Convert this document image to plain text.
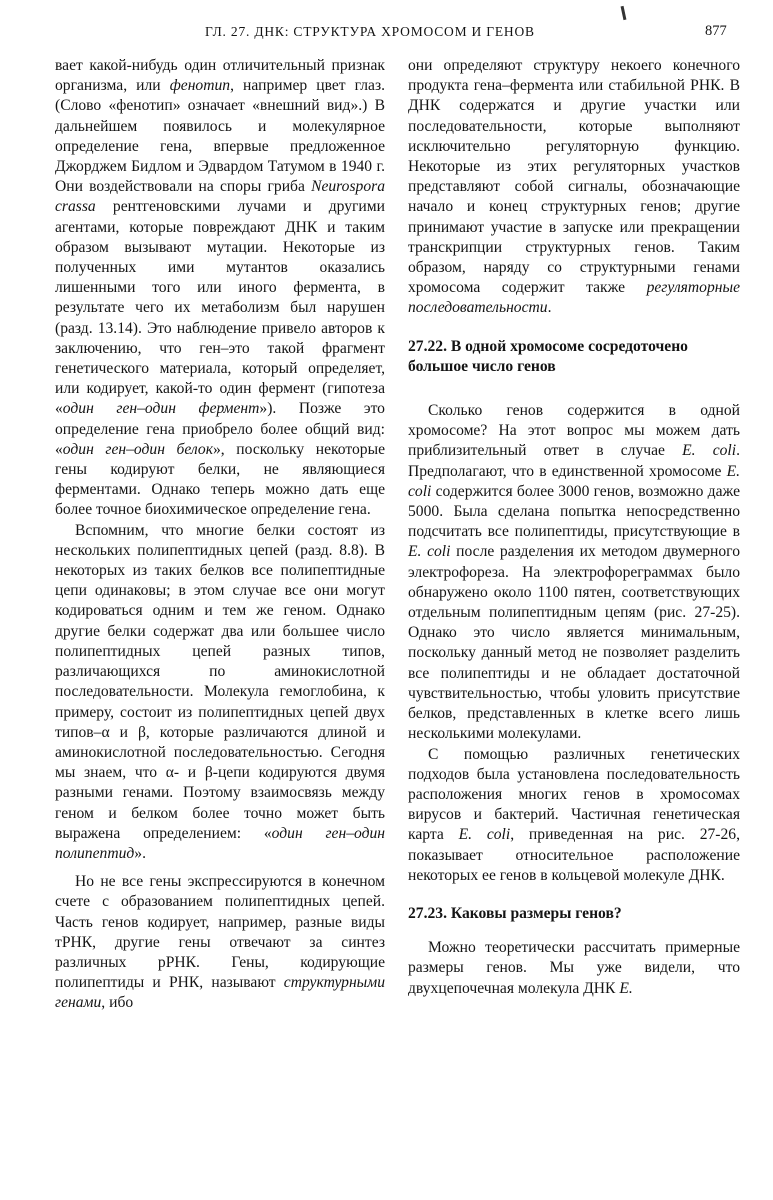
ГЛ. 27. ДНК: СТРУКТУРА ХРОМОСОМ И ГЕНОВ	877

вает какой-нибудь один отличительный признак организма, или фенотип, например цвет глаз. (Слово «фенотип» означает «внешний вид».) В дальнейшем появилось и молекулярное определение гена, впервые предложенное Джорджем Бидлом и Эдвардом Татумом в 1940 г. Они воздействовали на споры гриба Neurospora crassa рентгеновскими лучами и другими агентами, которые повреждают ДНК и таким образом вызывают мутации. Некоторые из полученных ими мутантов оказались лишенными того или иного фермента, в результате чего их метаболизм был нарушен (разд. 13.14). Это наблюдение привело авторов к заключению, что ген–это такой фрагмент генетического материала, который определяет, или кодирует, какой-то один фермент (гипотеза «один ген–один фермент»). Позже это определение гена приобрело более общий вид: «один ген–один белок», поскольку некоторые гены кодируют белки, не являющиеся ферментами. Однако теперь можно дать еще более точное биохимическое определение гена.

Вспомним, что многие белки состоят из нескольких полипептидных цепей (разд. 8.8). В некоторых из таких белков все полипептидные цепи одинаковы; в этом случае все они могут кодироваться одним и тем же геном. Однако другие белки содержат два или большее число полипептидных цепей разных типов, различающихся по аминокислотной последовательности. Молекула гемоглобина, к примеру, состоит из полипептидных цепей двух типов–α и β, которые различаются длиной и аминокислотной последовательностью. Сегодня мы знаем, что α- и β-цепи кодируются двумя разными генами. Поэтому взаимосвязь между геном и белком более точно может быть выражена определением: «один ген–один полипептид».

Но не все гены экспрессируются в конечном счете с образованием полипептидных цепей. Часть генов кодирует, например, разные виды тРНК, другие гены отвечают за синтез различных рРНК. Гены, кодирующие полипептиды и РНК, называют структурными генами, ибо

они определяют структуру некоего конечного продукта гена–фермента или стабильной РНК. В ДНК содержатся и другие участки или последовательности, которые выполняют исключительно регуляторную функцию. Некоторые из этих регуляторных участков представляют собой сигналы, обозначающие начало и конец структурных генов; другие принимают участие в запуске или прекращении транскрипции структурных генов. Таким образом, наряду со структурными генами хромосома содержит также регуляторные последовательности.

27.22. В одной хромосоме сосредоточено большое число генов

Сколько генов содержится в одной хромосоме? На этот вопрос мы можем дать приблизительный ответ в случае E. coli. Предполагают, что в единственной хромосоме E. coli содержится более 3000 генов, возможно даже 5000. Была сделана попытка непосредственно подсчитать все полипептиды, присутствующие в E. coli после разделения их методом двумерного электрофореза. На электрофореграммах было обнаружено около 1100 пятен, соответствующих отдельным полипептидным цепям (рис. 27-25). Однако это число является минимальным, поскольку данный метод не позволяет разделить все полипептиды и не обладает достаточной чувствительностью, чтобы уловить присутствие белков, представленных в клетке всего лишь несколькими молекулами.

С помощью различных генетических подходов была установлена последовательность расположения многих генов в хромосомах вирусов и бактерий. Частичная генетическая карта E. coli, приведенная на рис. 27-26, показывает относительное расположение некоторых ее генов в кольцевой молекуле ДНК.

27.23. Каковы размеры генов?

Можно теоретически рассчитать примерные размеры генов. Мы уже видели, что двухцепочечная молекула ДНК E.
